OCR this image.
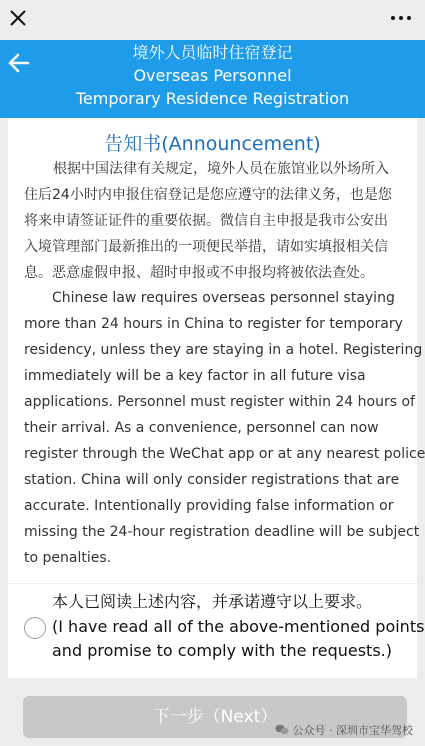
境外人员临时住宿登记
Overseas Personnel
Temporary Residence Registration
告知书(Announcement)
根据中国法律有关规定，境外人员在旅馆业以外场所入
住后24小时内申报住宿登记是您应遵守的法律义务，也是您
将来申请签证证件的重要依据。微信自主申报是我市公安出
入境管理部门最新推出的一项便民举措，请如实填报相关信
息。恶意虚假申报、超时申报或不申报均将被依法查处。
Chinese law requires overseas personnel staying
more than 24 hours in China to register for temporary
residency, unless they are staying in a hotel. Registering
immediately will be a key factor in all future visa
applications. Personnel must register within 24 hours of
their arrival. As a convenience, personnel can now
register through the WeChat app or at any nearest police
station. China will only consider registrations that are
accurate. Intentionally providing false information or
missing the 24-hour registration deadline will be subject
to penalties.
本人已阅读上述内容，并承诺遵守以上要求。
(I have read all of the above-mentioned points
and promise to comply with the requests.)
下一步（Next）
公众号 · 深圳市宝华驾校
